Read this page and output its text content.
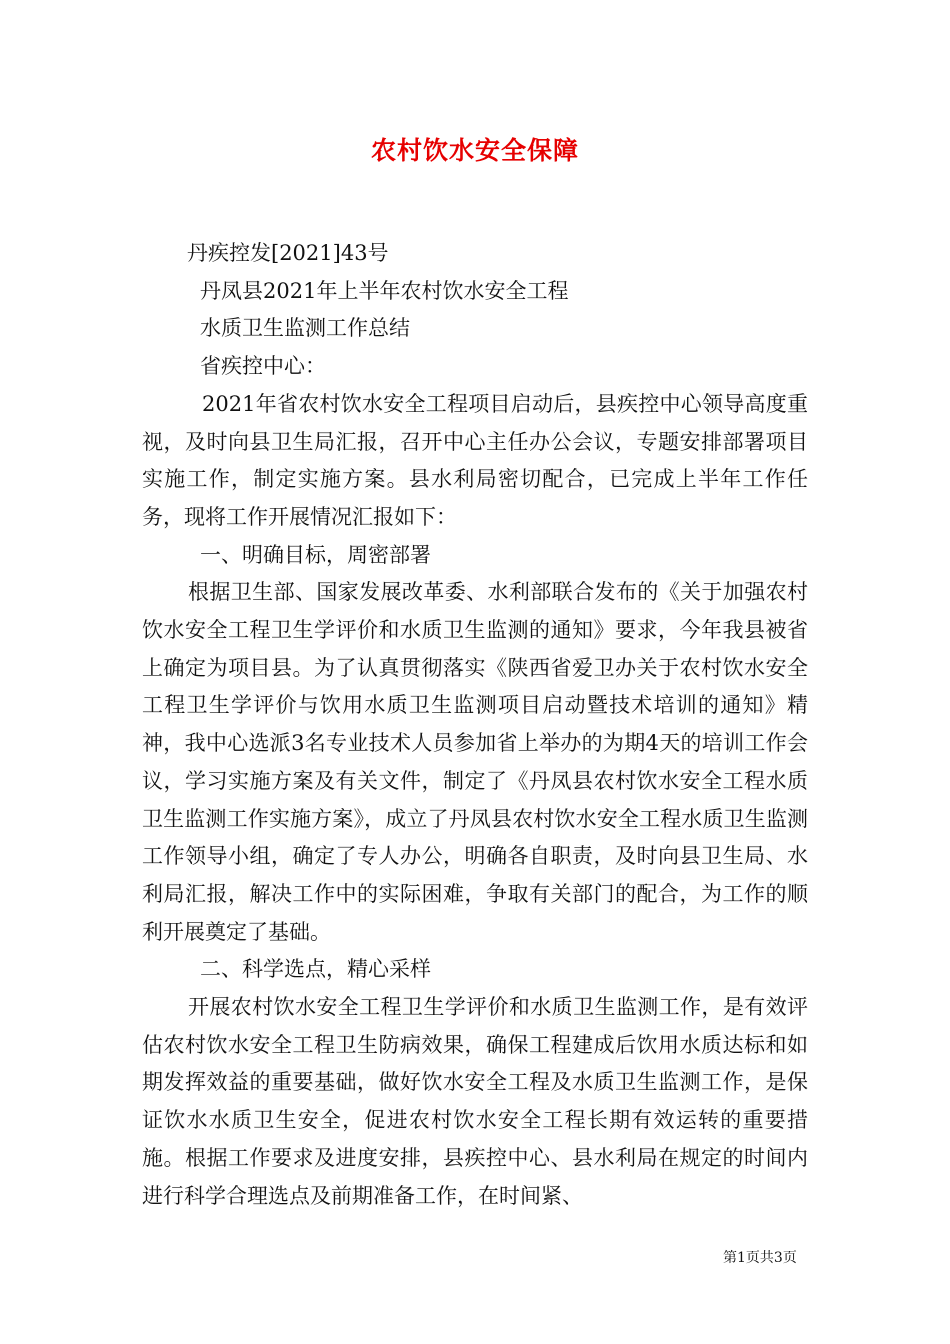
农村饮水安全保障

丹疾控发[2021]43号

丹凤县2021年上半年农村饮水安全工程

水质卫生监测工作总结

省疾控中心：

2021年省农村饮水安全工程项目启动后，县疾控中心领导高度重视，及时向县卫生局汇报，召开中心主任办公会议，专题安排部署项目实施工作，制定实施方案。县水利局密切配合，已完成上半年工作任务，现将工作开展情况汇报如下：

一、明确目标，周密部署

根据卫生部、国家发展改革委、水利部联合发布的《关于加强农村饮水安全工程卫生学评价和水质卫生监测的通知》要求，今年我县被省上确定为项目县。为了认真贯彻落实《陕西省爱卫办关于农村饮水安全工程卫生学评价与饮用水质卫生监测项目启动暨技术培训的通知》精神，我中心选派3名专业技术人员参加省上举办的为期4天的培训工作会议，学习实施方案及有关文件，制定了《丹凤县农村饮水安全工程水质卫生监测工作实施方案》，成立了丹凤县农村饮水安全工程水质卫生监测工作领导小组，确定了专人办公，明确各自职责，及时向县卫生局、水利局汇报，解决工作中的实际困难，争取有关部门的配合，为工作的顺利开展奠定了基础。

二、科学选点，精心采样

开展农村饮水安全工程卫生学评价和水质卫生监测工作，是有效评估农村饮水安全工程卫生防病效果，确保工程建成后饮用水质达标和如期发挥效益的重要基础，做好饮水安全工程及水质卫生监测工作，是保证饮水水质卫生安全，促进农村饮水安全工程长期有效运转的重要措施。根据工作要求及进度安排，县疾控中心、县水利局在规定的时间内进行科学合理选点及前期准备工作，在时间紧、

第1页共3页
